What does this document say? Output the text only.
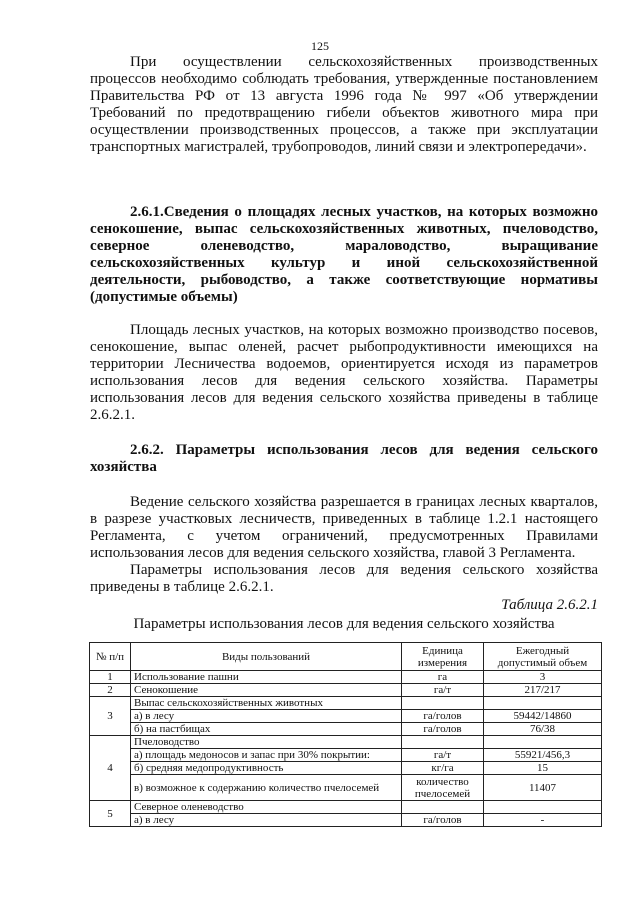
125

При осуществлении сельскохозяйственных производственных процессов необходимо соблюдать требования, утвержденные постановлением Правительства РФ от 13 августа 1996 года № 997 «Об утверждении Требований по предотвращению гибели объектов животного мира при осуществлении производственных процессов, а также при эксплуатации транспортных магистралей, трубопроводов, линий связи и электропередачи».

2.6.1.Сведения о площадях лесных участков, на которых возможно сенокошение, выпас сельскохозяйственных животных, пчеловодство, северное оленеводство, мараловодство, выращивание сельскохозяйственных культур и иной сельскохозяйственной деятельности, рыбоводство, а также соответствующие нормативы (допустимые объемы)

Площадь лесных участков, на которых возможно производство посевов, сенокошение, выпас оленей, расчет рыбопродуктивности имеющихся на территории Лесничества водоемов, ориентируется исходя из параметров использования лесов для ведения сельского хозяйства. Параметры использования лесов для ведения сельского хозяйства приведены в таблице 2.6.2.1.

2.6.2. Параметры использования лесов для ведения сельского хозяйства

Ведение сельского хозяйства разрешается в границах лесных кварталов, в разрезе участковых лесничеств, приведенных в таблице 1.2.1 настоящего Регламента, с учетом ограничений, предусмотренных Правилами использования лесов для ведения сельского хозяйства, главой 3 Регламента.

Параметры использования лесов для ведения сельского хозяйства приведены в таблице 2.6.2.1.

Таблица 2.6.2.1
Параметры использования лесов для ведения сельского хозяйства
№ п/п	Виды пользований	Единица измерения	Ежегодный допустимый объем
1	Использование пашни	га	3
2	Сенокошение	га/т	217/217
3	Выпас сельскохозяйственных животных		
	а) в лесу	га/голов	59442/14860
	б) на пастбищах	га/голов	76/38
4	Пчеловодство		
	а) площадь медоносов и запас при 30% покрытии:	га/т	55921/456,3
	б) средняя медопродуктивность	кг/га	15
	в) возможное к содержанию количество пчелосемей	количество пчелосемей	11407
5	Северное оленеводство		
	а) в лесу	га/голов	-
